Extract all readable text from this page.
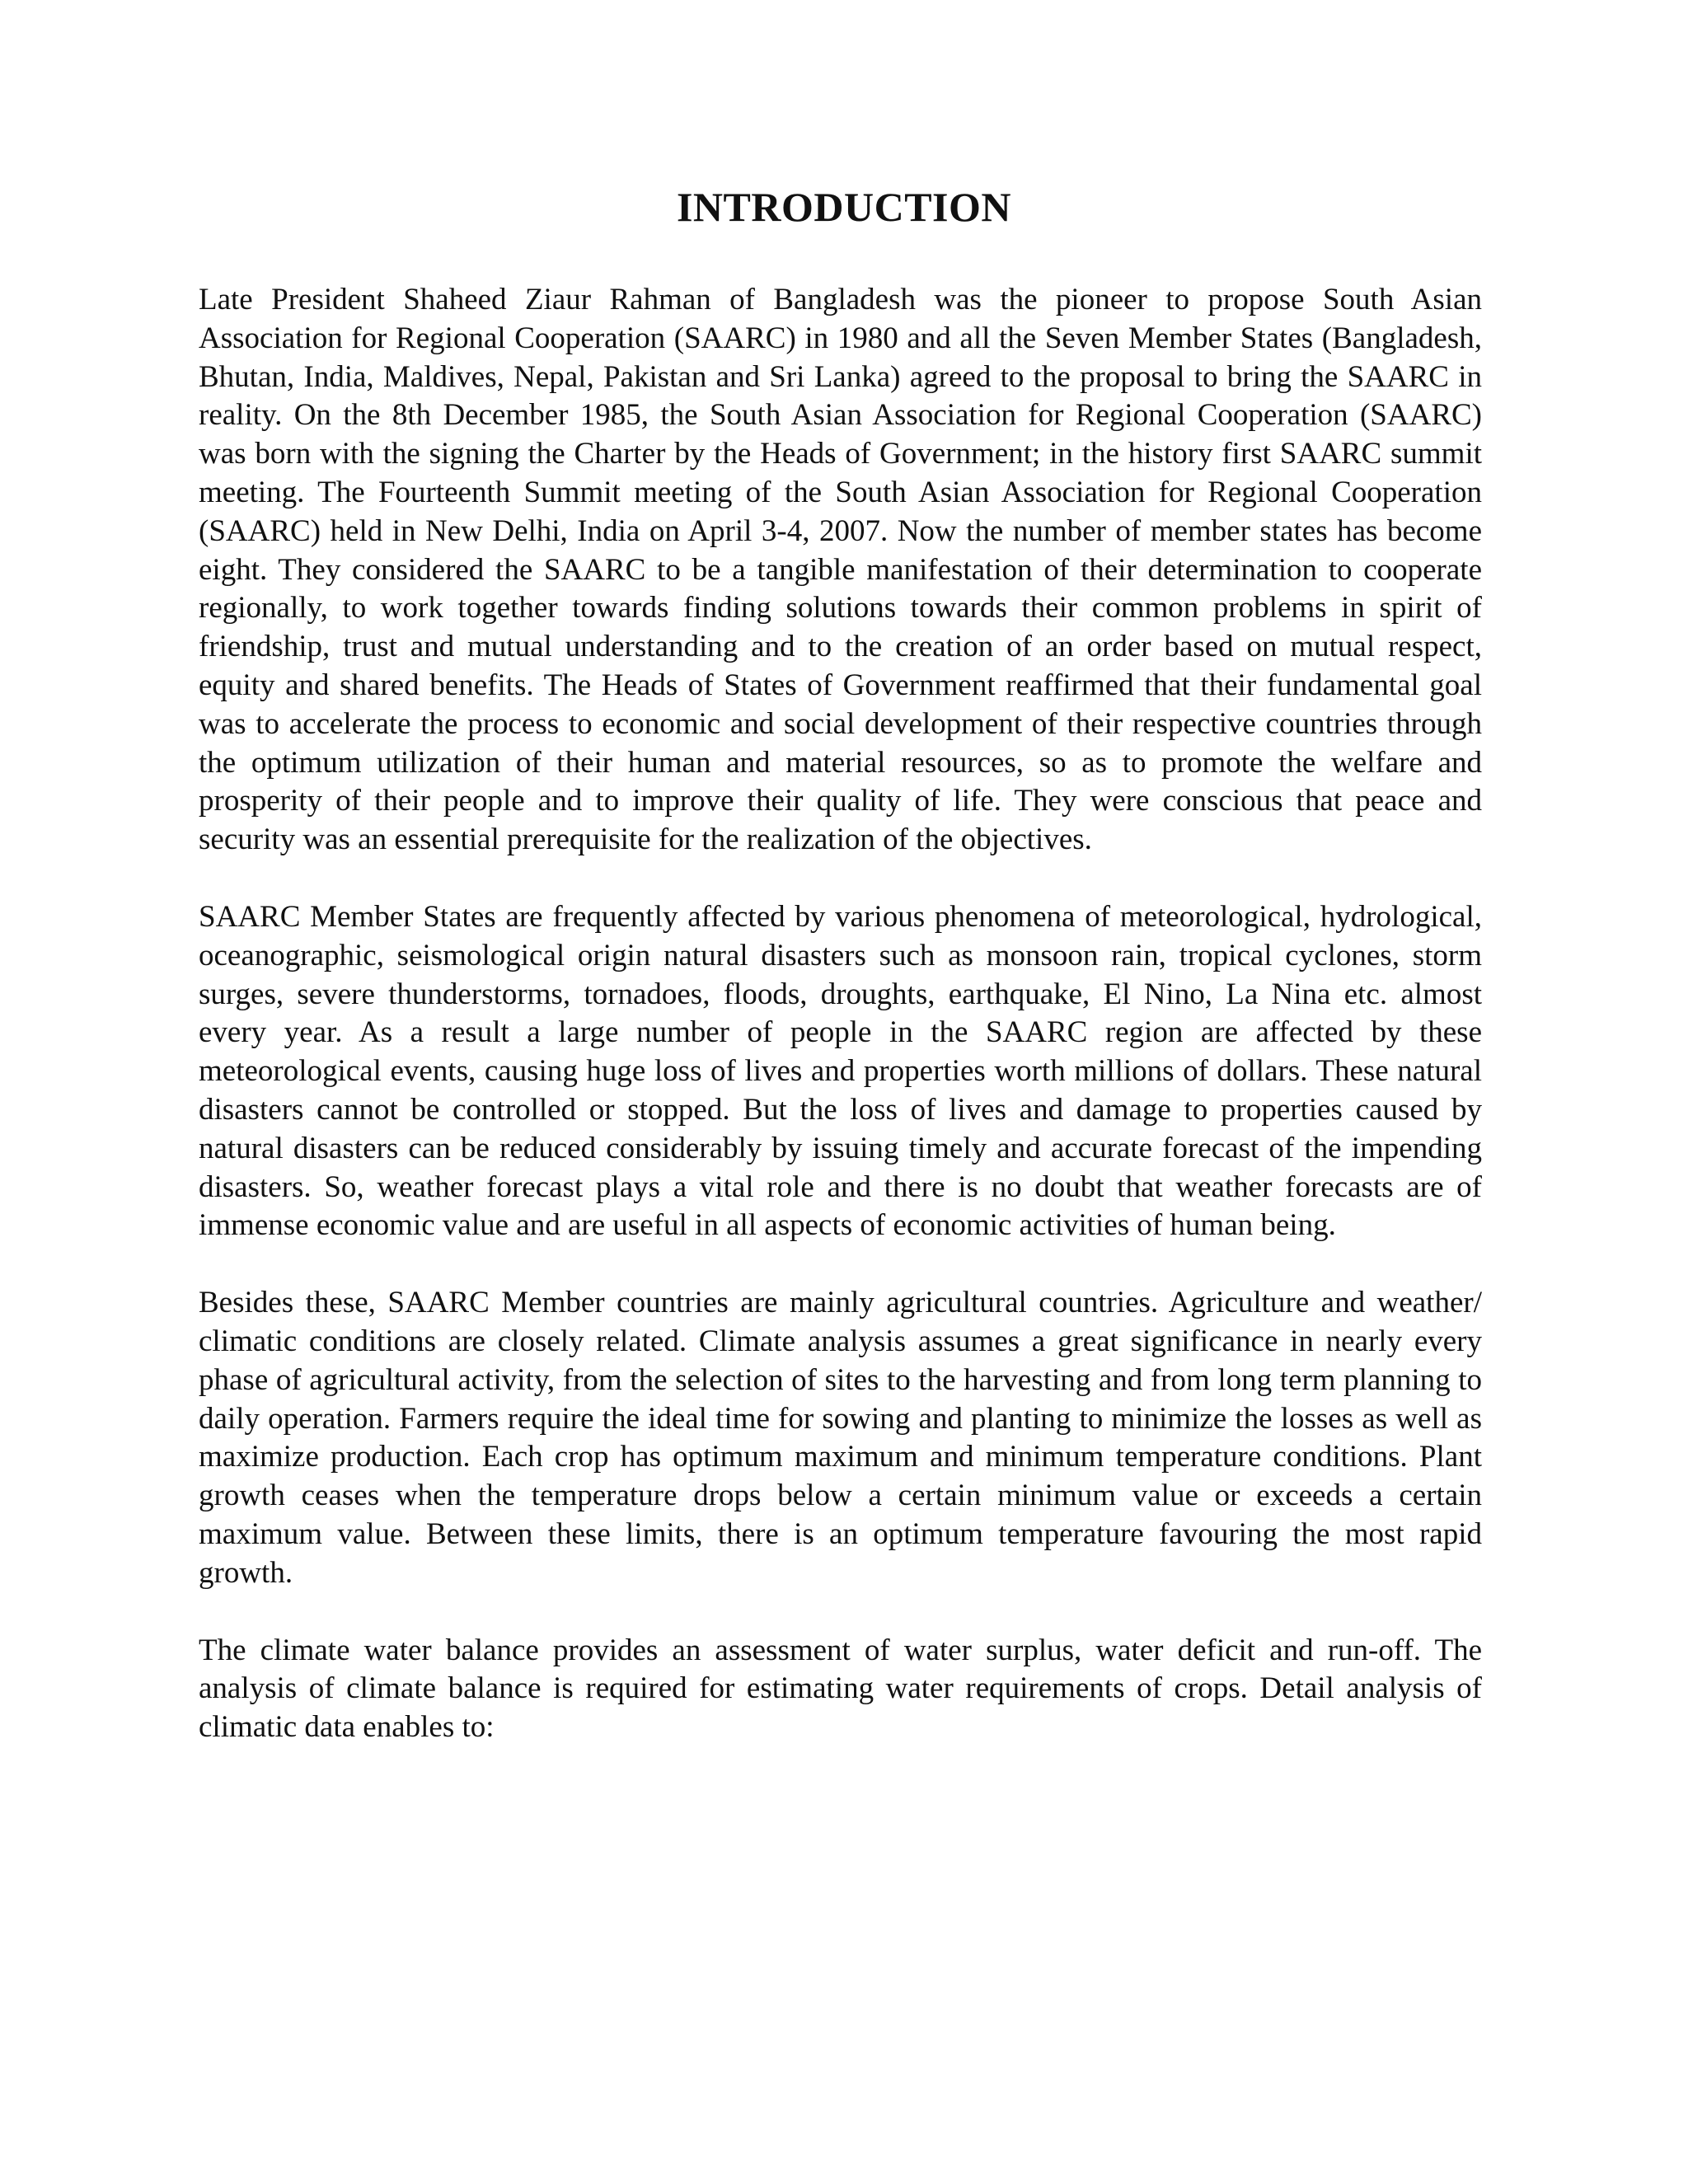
INTRODUCTION

Late President Shaheed Ziaur Rahman of Bangladesh was the pioneer to propose South Asian Association for Regional Cooperation (SAARC) in 1980 and all the Seven Member States (Bangladesh, Bhutan, India, Maldives, Nepal, Pakistan and Sri Lanka) agreed to the proposal to bring the SAARC in reality. On the 8th December 1985, the South Asian Association for Regional Cooperation (SAARC) was born with the signing the Charter by the Heads of Government; in the history first SAARC summit meeting. The Fourteenth Summit meeting of the South Asian Association for Regional Cooperation (SAARC) held in New Delhi, India on April 3-4, 2007. Now the number of member states has become eight. They considered the SAARC to be a tangible manifestation of their determination to cooperate regionally, to work together towards finding solutions towards their common problems in spirit of friendship, trust and mutual understanding and to the creation of an order based on mutual respect, equity and shared benefits. The Heads of States of Government reaffirmed that their fundamental goal was to accelerate the process to economic and social development of their respective countries through the optimum utilization of their human and material resources, so as to promote the welfare and prosperity of their people and to improve their quality of life. They were conscious that peace and security was an essential prerequisite for the realization of the objectives.

SAARC Member States are frequently affected by various phenomena of meteorological, hydrological, oceanographic, seismological origin natural disasters such as monsoon rain, tropical cyclones, storm surges, severe thunderstorms, tornadoes, floods, droughts, earthquake, El Nino, La Nina etc. almost every year. As a result a large number of people in the SAARC region are affected by these meteorological events, causing huge loss of lives and properties worth millions of dollars. These natural disasters cannot be controlled or stopped. But the loss of lives and damage to properties caused by natural disasters can be reduced considerably by issuing timely and accurate forecast of the impending disasters. So, weather forecast plays a vital role and there is no doubt that weather forecasts are of immense economic value and are useful in all aspects of economic activities of human being.

Besides these, SAARC Member countries are mainly agricultural countries. Agriculture and weather/ climatic conditions are closely related. Climate analysis assumes a great significance in nearly every phase of agricultural activity, from the selection of sites to the harvesting and from long term planning to daily operation. Farmers require the ideal time for sowing and planting to minimize the losses as well as maximize production. Each crop has optimum maximum and minimum temperature conditions. Plant growth ceases when the temperature drops below a certain minimum value or exceeds a certain maximum value. Between these limits, there is an optimum temperature favouring the most rapid growth.

The climate water balance provides an assessment of water surplus, water deficit and run-off. The analysis of climate balance is required for estimating water requirements of crops. Detail analysis of climatic data enables to:
